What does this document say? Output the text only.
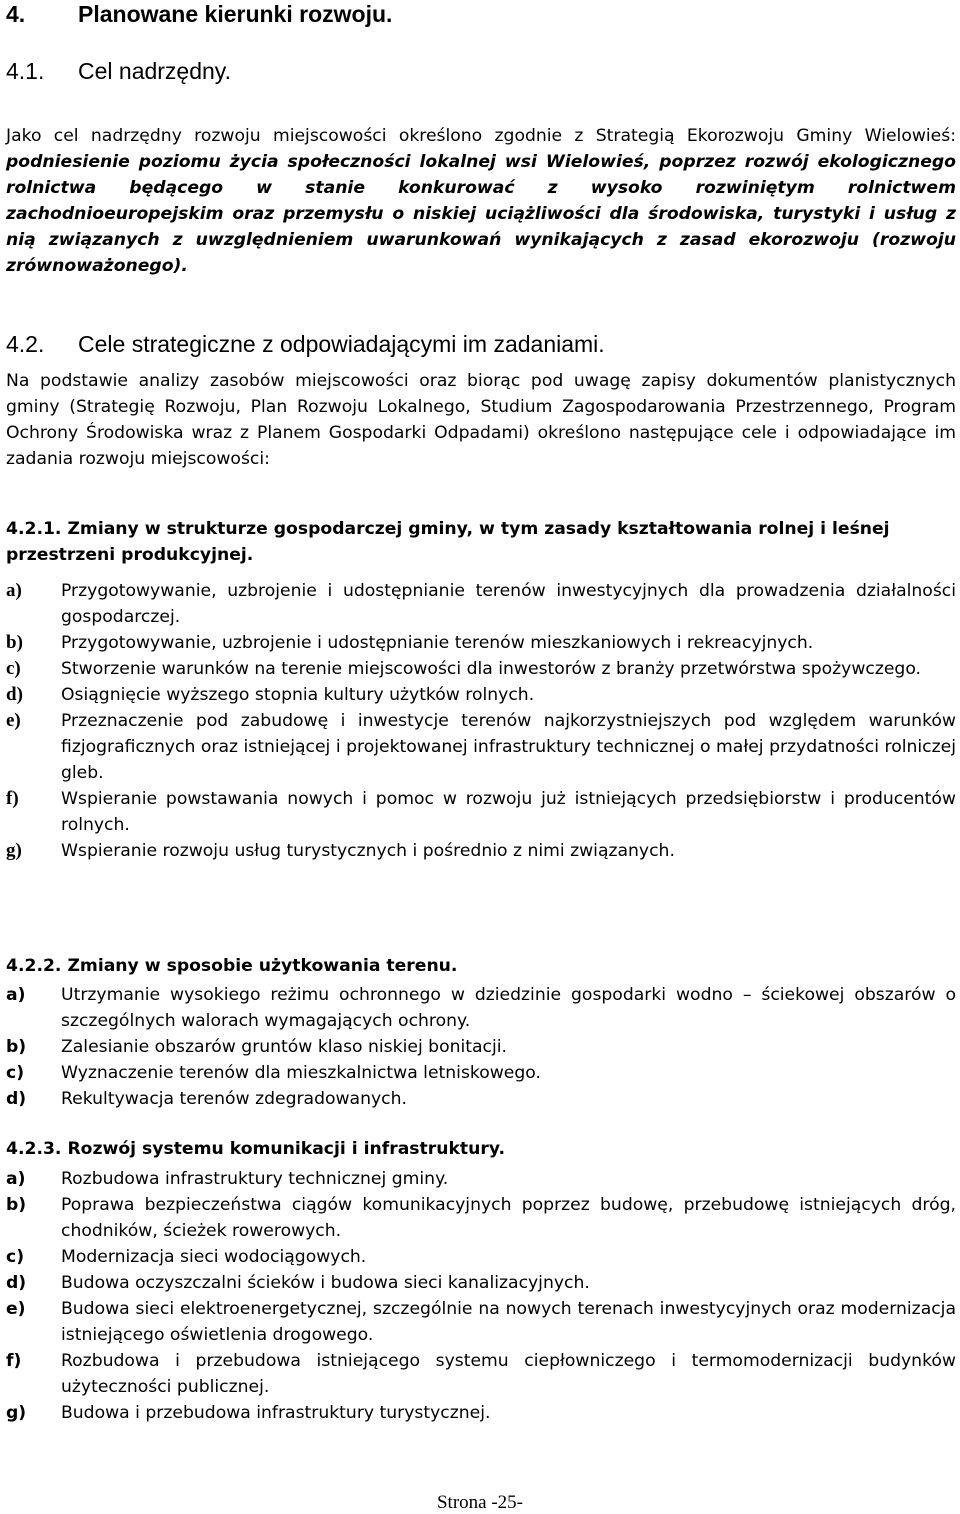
4. Planowane kierunki rozwoju.
4.1. Cel nadrzędny.

Jako cel nadrzędny rozwoju miejscowości określono zgodnie z Strategią Ekorozwoju Gminy Wielowieś: podniesienie poziomu życia społeczności lokalnej wsi Wielowieś, poprzez rozwój ekologicznego rolnictwa będącego w stanie konkurować z wysoko rozwiniętym rolnictwem zachodnioeuropejskim oraz przemysłu o niskiej uciążliwości dla środowiska, turystyki i usług z nią związanych z uwzględnieniem uwarunkowań wynikających z zasad ekorozwoju (rozwoju zrównoważonego).

4.2. Cele strategiczne z odpowiadającymi im zadaniami.

Na podstawie analizy zasobów miejscowości oraz biorąc pod uwagę zapisy dokumentów planistycznych gminy (Strategię Rozwoju, Plan Rozwoju Lokalnego, Studium Zagospodarowania Przestrzennego, Program Ochrony Środowiska wraz z Planem Gospodarki Odpadami) określono następujące cele i odpowiadające im zadania rozwoju miejscowości:

4.2.1. Zmiany w strukturze gospodarczej gminy, w tym zasady kształtowania rolnej i leśnej przestrzeni produkcyjnej.
a) Przygotowywanie, uzbrojenie i udostępnianie terenów inwestycyjnych dla prowadzenia działalności gospodarczej.
b) Przygotowywanie, uzbrojenie i udostępnianie terenów mieszkaniowych i rekreacyjnych.
c) Stworzenie warunków na terenie miejscowości dla inwestorów z branży przetwórstwa spożywczego.
d) Osiągnięcie wyższego stopnia kultury użytków rolnych.
e) Przeznaczenie pod zabudowę i inwestycje terenów najkorzystniejszych pod względem warunków fizjograficznych oraz istniejącej i projektowanej infrastruktury technicznej o małej przydatności rolniczej gleb.
f) Wspieranie powstawania nowych i pomoc w rozwoju już istniejących przedsiębiorstw i producentów rolnych.
g) Wspieranie rozwoju usług turystycznych i pośrednio z nimi związanych.
4.2.2. Zmiany w sposobie użytkowania terenu.
a) Utrzymanie wysokiego reżimu ochronnego w dziedzinie gospodarki wodno – ściekowej obszarów o szczególnych walorach wymagających ochrony.
b) Zalesianie obszarów gruntów klaso niskiej bonitacji.
c) Wyznaczenie terenów dla mieszkalnictwa letniskowego.
d) Rekultywacja terenów zdegradowanych.
4.2.3. Rozwój systemu komunikacji i infrastruktury.
a) Rozbudowa infrastruktury technicznej gminy.
b) Poprawa bezpieczeństwa ciągów komunikacyjnych poprzez budowę, przebudowę istniejących dróg, chodników, ścieżek rowerowych.
c) Modernizacja sieci wodociągowych.
d) Budowa oczyszczalni ścieków i budowa sieci kanalizacyjnych.
e) Budowa sieci elektroenergetycznej, szczególnie na nowych terenach inwestycyjnych oraz modernizacja istniejącego oświetlenia drogowego.
f) Rozbudowa i przebudowa istniejącego systemu ciepłowniczego i termomodernizacji budynków użyteczności publicznej.
g) Budowa i przebudowa infrastruktury turystycznej.
Strona -25-
